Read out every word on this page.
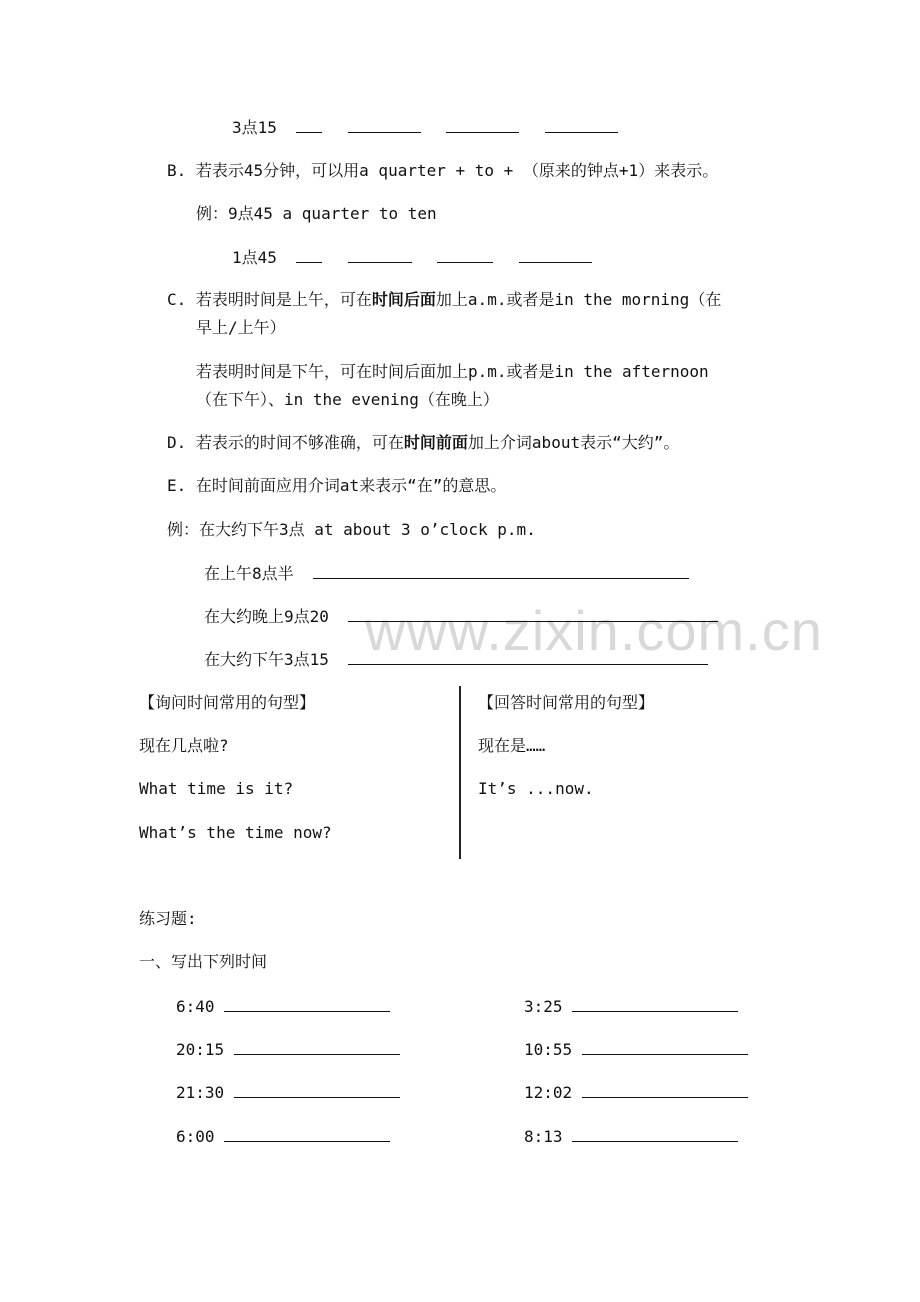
3点15
B. 若表示45分钟，可以用a quarter + to + （原来的钟点+1）来表示。
例：9点45 a quarter to ten
1点45
C. 若表明时间是上午，可在时间后面加上a.m.或者是in the morning（在
早上/上午）
若表明时间是下午，可在时间后面加上p.m.或者是in the afternoon
（在下午）、in the evening（在晚上）
D. 若表示的时间不够准确，可在时间前面加上介词about表示“大约”。
E. 在时间前面应用介词at来表示“在”的意思。
例：在大约下午3点 at about 3 o’clock p.m.
在上午8点半
www.zixin.com.cn
在大约晚上9点20
在大约下午3点15
【询问时间常用的句型】
现在几点啦?
What time is it?
What’s the time now?
【回答时间常用的句型】
现在是……
It’s ...now.
练习题:
一、写出下列时间
6:40
20:15
21:30
6:00
3:25
10:55
12:02
8:13
